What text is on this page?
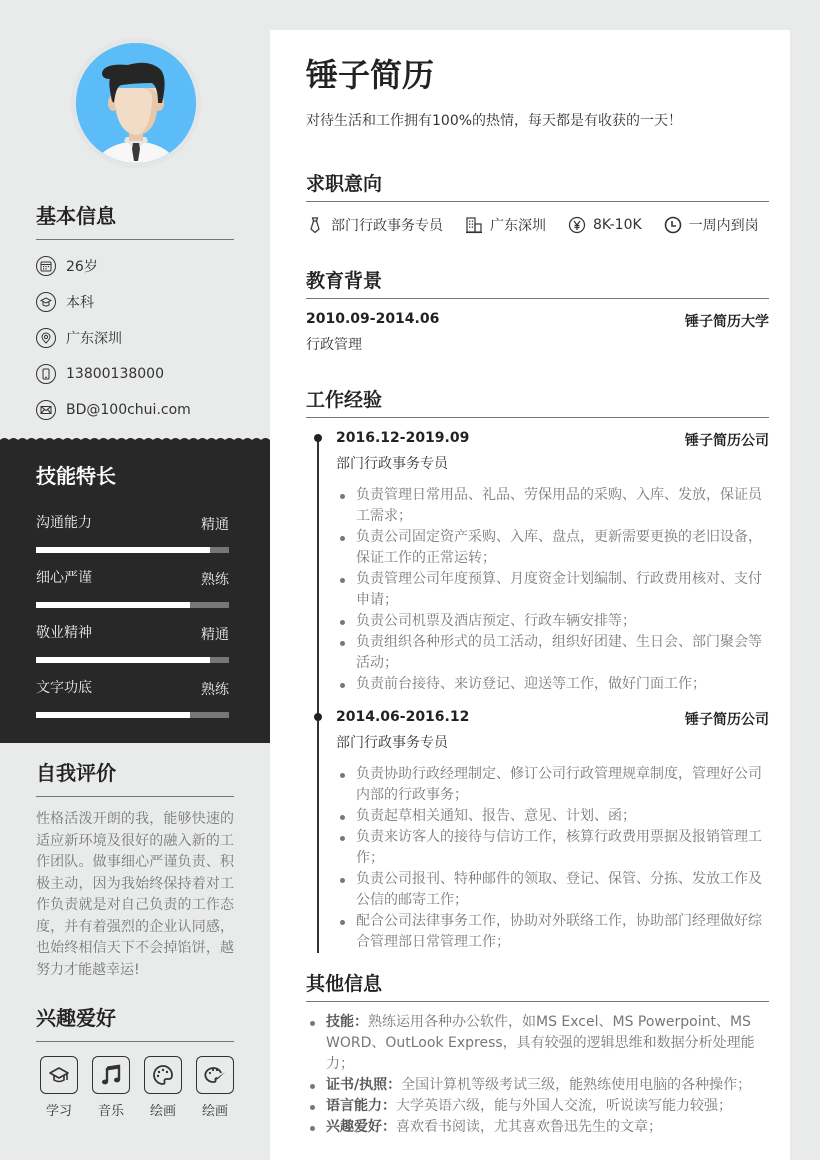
基本信息
26岁
本科
广东深圳
13800138000
BD@100chui.com
技能特长
沟通能力	精通
细心严谨	熟练
敬业精神	精通
文字功底	熟练
自我评价

性格活泼开朗的我，能够快速的适应新环境及很好的融入新的工作团队。做事细心严谨负责、积极主动，因为我始终保持着对工作负责就是对自己负责的工作态度，并有着强烈的企业认同感，也始终相信天下不会掉馅饼，越努力才能越幸运!

兴趣爱好
学习	音乐	绘画	绘画
锤子简历

对待生活和工作拥有100%的热情，每天都是有收获的一天！

求职意向
部门行政事务专员	广东深圳	8K-10K	一周内到岗
教育背景
2010.09-2014.06	锤子简历大学
行政管理
工作经验
2016.12-2019.09	锤子简历公司
部门行政事务专员
负责管理日常用品、礼品、劳保用品的采购、入库、发放，保证员工需求；
负责公司固定资产采购、入库、盘点，更新需要更换的老旧设备，保证工作的正常运转；
负责管理公司年度预算、月度资金计划编制、行政费用核对、支付申请；
负责公司机票及酒店预定、行政车辆安排等；
负责组织各种形式的员工活动，组织好团建、生日会、部门聚会等活动；
负责前台接待、来访登记、迎送等工作，做好门面工作；
2014.06-2016.12	锤子简历公司
部门行政事务专员
负责协助行政经理制定、修订公司行政管理规章制度，管理好公司内部的行政事务；
负责起草相关通知、报告、意见、计划、函；
负责来访客人的接待与信访工作，核算行政费用票据及报销管理工作；
负责公司报刊、特种邮件的领取、登记、保管、分拣、发放工作及公信的邮寄工作；
配合公司法律事务工作，协助对外联络工作，协助部门经理做好综合管理部日常管理工作；
其他信息
技能：熟练运用各种办公软件，如MS Excel、MS Powerpoint、MS WORD、OutLook Express，具有较强的逻辑思维和数据分析处理能力；
证书/执照：全国计算机等级考试三级，能熟练使用电脑的各种操作；
语言能力：大学英语六级，能与外国人交流，听说读写能力较强；
兴趣爱好：喜欢看书阅读，尤其喜欢鲁迅先生的文章；
